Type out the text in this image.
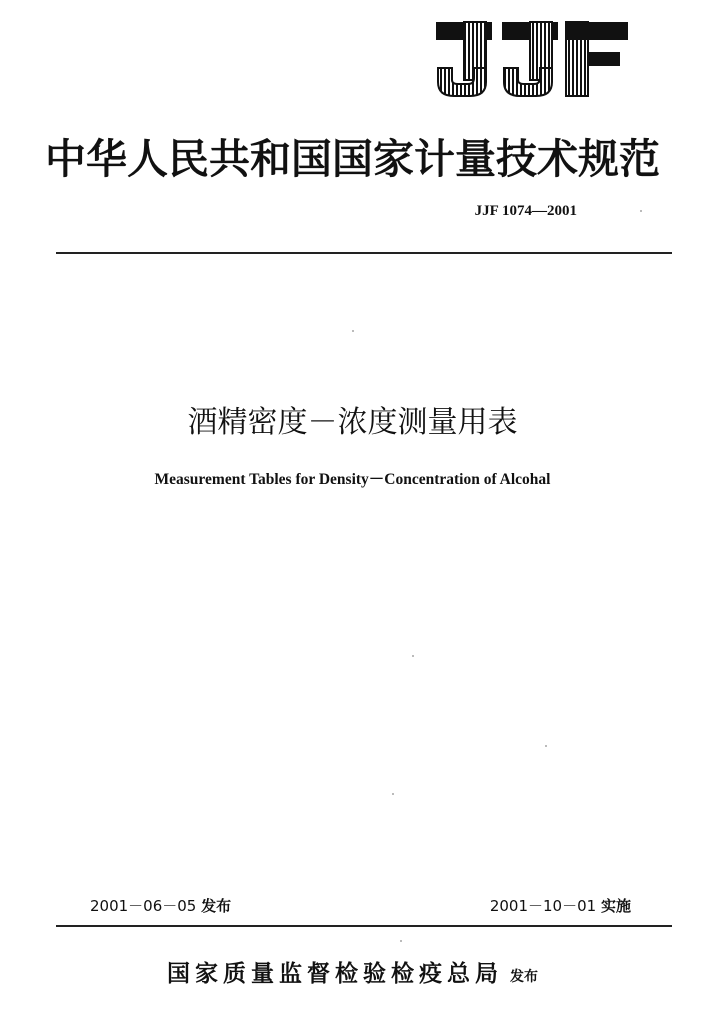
中华人民共和国国家计量技术规范
JJF 1074—2001
酒精密度－浓度测量用表
Measurement Tables for Density－Concentration of Alcohal
2001－06－05 发布	2001－10－01 实施
国家质量监督检验检疫总局 发布
